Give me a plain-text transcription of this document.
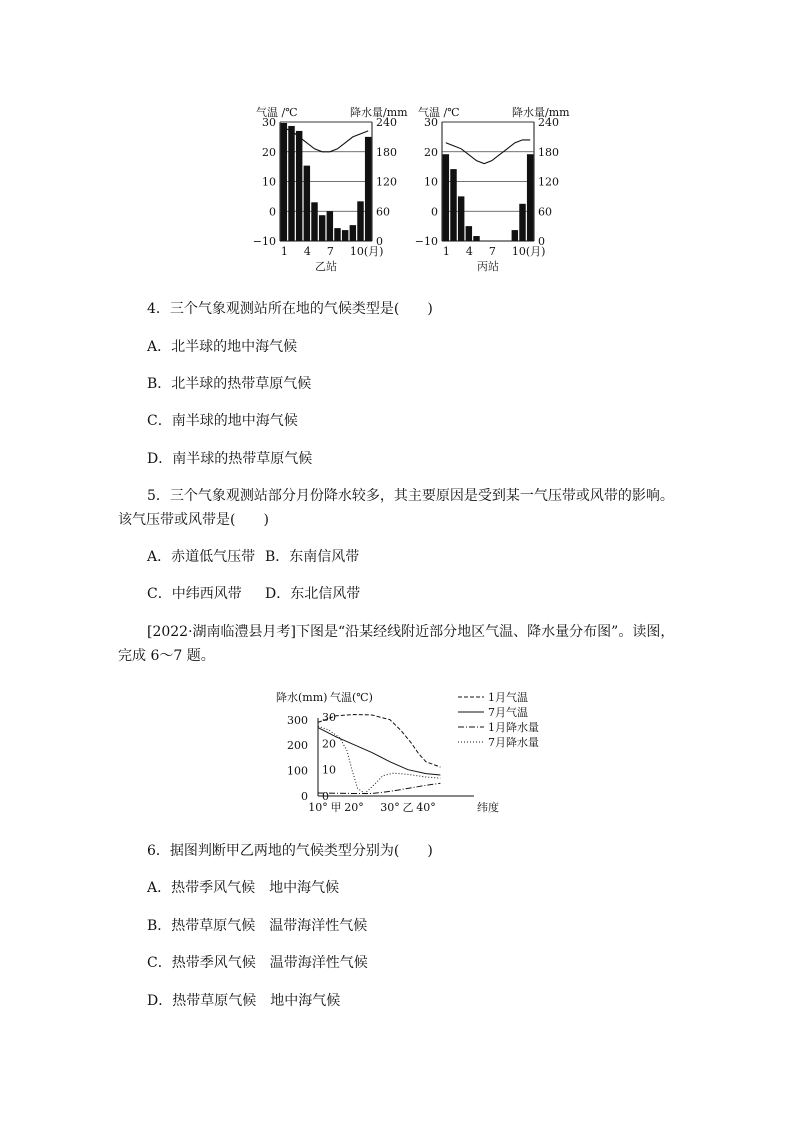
30
20
10
0
−10
240
180
120
60
0
1 4 7 10(月)
气温 /℃	降水量/mm
乙站
30
20
10
0
−10
240
180
120
60
0
1 4 7 10(月)
气温 /℃	降水量/mm
丙站
4．三个气象观测站所在地的气候类型是(　　)
A．北半球的地中海气候
B．北半球的热带草原气候
C．南半球的地中海气候
D．南半球的热带草原气候
5．三个气象观测站部分月份降水较多，其主要原因是受到某一气压带或风带的影响。
该气压带或风带是(　　)
A．赤道低气压带 B．东南信风带
C．中纬西风带 D．东北信风带
[2022·湖南临澧县月考]下图是“沿某经线附近部分地区气温、降水量分布图”。读图，
完成 6～7 题。
降水(mm) 气温(℃)
300
200
100
0
30
20
10
0
10° 20° 30° 40°
甲	乙	纬度
1月气温
7月气温
1月降水量
7月降水量
6．据图判断甲乙两地的气候类型分别为(　　)
A．热带季风气候　地中海气候
B．热带草原气候　温带海洋性气候
C．热带季风气候　温带海洋性气候
D．热带草原气候　地中海气候
